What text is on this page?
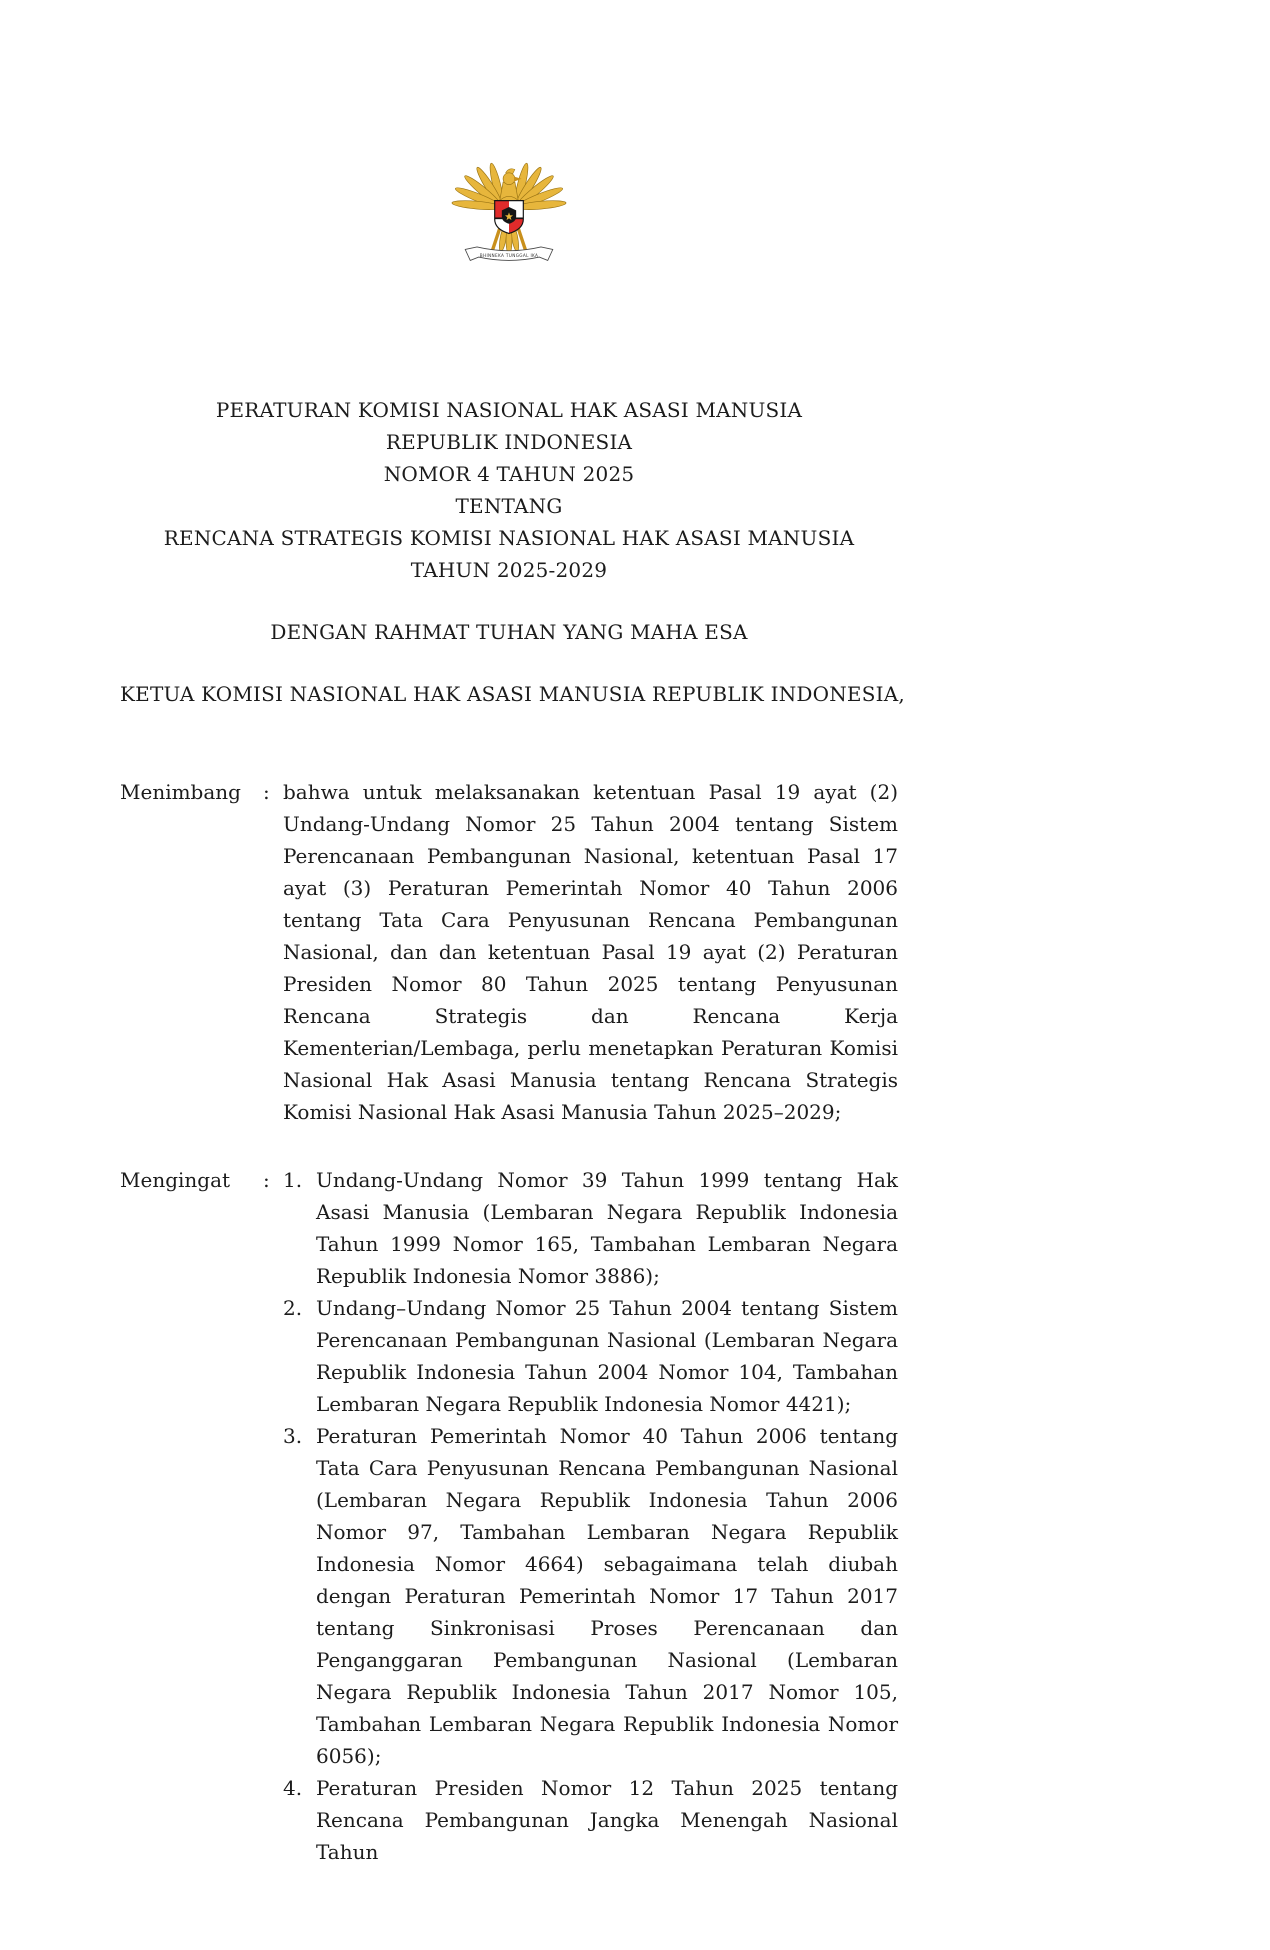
BHINNEKA TUNGGAL IKA
PERATURAN KOMISI NASIONAL HAK ASASI MANUSIA
REPUBLIK INDONESIA
NOMOR 4 TAHUN 2025
TENTANG
RENCANA STRATEGIS KOMISI NASIONAL HAK ASASI MANUSIA
TAHUN 2025-2029

DENGAN RAHMAT TUHAN YANG MAHA ESA

KETUA KOMISI NASIONAL HAK ASASI MANUSIA REPUBLIK INDONESIA,

Menimbang	: bahwa untuk melaksanakan ketentuan Pasal 19 ayat (2) Undang-Undang Nomor 25 Tahun 2004 tentang Sistem Perencanaan Pembangunan Nasional, ketentuan Pasal 17 ayat (3) Peraturan Pemerintah Nomor 40 Tahun 2006 tentang Tata Cara Penyusunan Rencana Pembangunan Nasional, dan dan ketentuan Pasal 19 ayat (2) Peraturan Presiden Nomor 80 Tahun 2025 tentang Penyusunan Rencana Strategis dan Rencana Kerja Kementerian/Lembaga, perlu menetapkan Peraturan Komisi Nasional Hak Asasi Manusia tentang Rencana Strategis Komisi Nasional Hak Asasi Manusia Tahun 2025–2029;

Mengingat	: 1. Undang-Undang Nomor 39 Tahun 1999 tentang Hak Asasi Manusia (Lembaran Negara Republik Indonesia Tahun 1999 Nomor 165, Tambahan Lembaran Negara Republik Indonesia Nomor 3886);
2. Undang–Undang Nomor 25 Tahun 2004 tentang Sistem Perencanaan Pembangunan Nasional (Lembaran Negara Republik Indonesia Tahun 2004 Nomor 104, Tambahan Lembaran Negara Republik Indonesia Nomor 4421);
3. Peraturan Pemerintah Nomor 40 Tahun 2006 tentang Tata Cara Penyusunan Rencana Pembangunan Nasional (Lembaran Negara Republik Indonesia Tahun 2006 Nomor 97, Tambahan Lembaran Negara Republik Indonesia Nomor 4664) sebagaimana telah diubah dengan Peraturan Pemerintah Nomor 17 Tahun 2017 tentang Sinkronisasi Proses Perencanaan dan Penganggaran Pembangunan Nasional (Lembaran Negara Republik Indonesia Tahun 2017 Nomor 105, Tambahan Lembaran Negara Republik Indonesia Nomor 6056);
4. Peraturan Presiden Nomor 12 Tahun 2025 tentang Rencana Pembangunan Jangka Menengah Nasional Tahun
